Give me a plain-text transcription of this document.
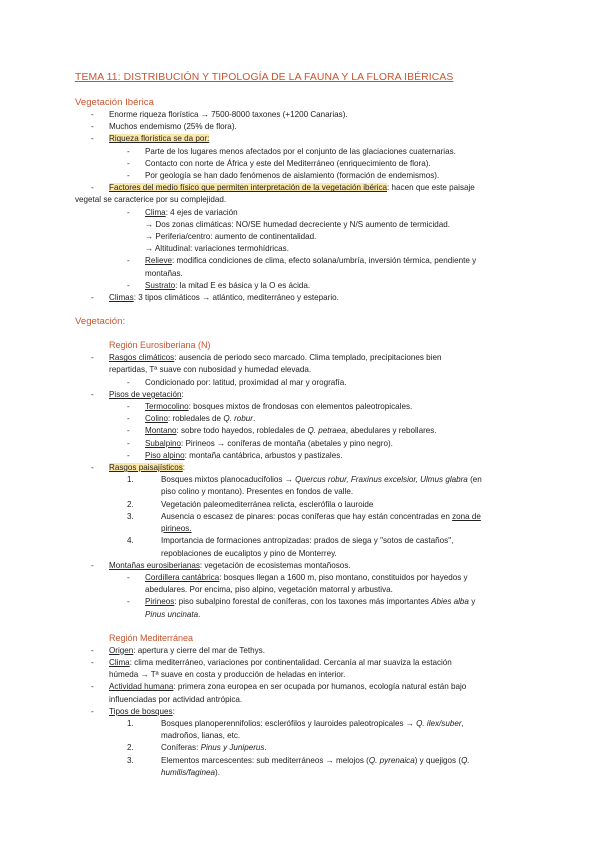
TEMA 11: DISTRIBUCIÓN Y TIPOLOGÍA DE LA FAUNA Y LA FLORA IBÉRICAS
Vegetación Ibérica
- Enorme riqueza florística → 7500-8000 taxones (+1200 Canarias).
- Muchos endemismo (25% de flora).
- Riqueza florística se da por:
- Parte de los lugares menos afectados por el conjunto de las glaciaciones cuaternarias.
- Contacto con norte de África y este del Mediterráneo (enriquecimiento de flora).
- Por geología se han dado fenómenos de aislamiento (formación de endemismos).
- Factores del medio físico que permiten interpretación de la vegetación ibérica: hacen que este paisaje
vegetal se caracterice por su complejidad.
- Clima: 4 ejes de variación
→ Dos zonas climáticas: NO/SE humedad decreciente y N/S aumento de termicidad.
→ Periferia/centro: aumento de continentalidad.
→ Altitudinal: variaciones termohídricas.
- Relieve: modifica condiciones de clima, efecto solana/umbría, inversión térmica, pendiente y
montañas.
- Sustrato: la mitad E es básica y la O es ácida.
- Climas: 3 tipos climáticos → atlántico, mediterráneo y estepario.
Vegetación:
Región Eurosiberiana (N)
- Rasgos climáticos: ausencia de periodo seco marcado. Clima templado, precipitaciones bien
repartidas, Tª suave con nubosidad y humedad elevada.
- Condicionado por: latitud, proximidad al mar y orografía.
- Pisos de vegetación:
- Termocolino: bosques mixtos de frondosas con elementos paleotropicales.
- Colino: robledales de Q. robur.
- Montano: sobre todo hayedos, robledales de Q. petraea, abedulares y rebollares.
- Subalpino: Pirineos → coníferas de montaña (abetales y pino negro).
- Piso alpino: montaña cantábrica, arbustos y pastizales.
- Rasgos paisajísticos:
1.	Bosques mixtos planocaducifolios → Quercus robur, Fraxinus excelsior, Ulmus glabra (en
piso colino y montano). Presentes en fondos de valle.
2.	Vegetación paleomediterránea relicta, esclerófila o lauroide
3.	Ausencia o escasez de pinares: pocas coníferas que hay están concentradas en zona de
pirineos.
4.	Importancia de formaciones antropizadas: prados de siega y "sotos de castaños",
repoblaciones de eucaliptos y pino de Monterrey.
- Montañas eurosiberianas: vegetación de ecosistemas montañosos.
- Cordillera cantábrica: bosques llegan a 1600 m, piso montano, constituidos por hayedos y
abedulares. Por encima, piso alpino, vegetación matorral y arbustiva.
- Pirineos: piso subalpino forestal de coníferas, con los taxones más importantes Abies alba y
Pinus uncinata.
Región Mediterránea
- Origen: apertura y cierre del mar de Tethys.
- Clima: clima mediterráneo, variaciones por continentalidad. Cercanía al mar suaviza la estación
húmeda → Tª suave en costa y producción de heladas en interior.
- Actividad humana: primera zona europea en ser ocupada por humanos, ecología natural están bajo
influenciadas por actividad antrópica.
- Tipos de bosques:
1.	Bosques planoperennifolios: esclerófilos y lauroides paleotropicales → Q. ilex/suber,
madroños, lianas, etc.
2.	Coníferas: Pinus y Juniperus.
3.	Elementos marcescentes: sub mediterráneos → melojos (Q. pyrenaica) y quejigos (Q.
humilis/faginea).
